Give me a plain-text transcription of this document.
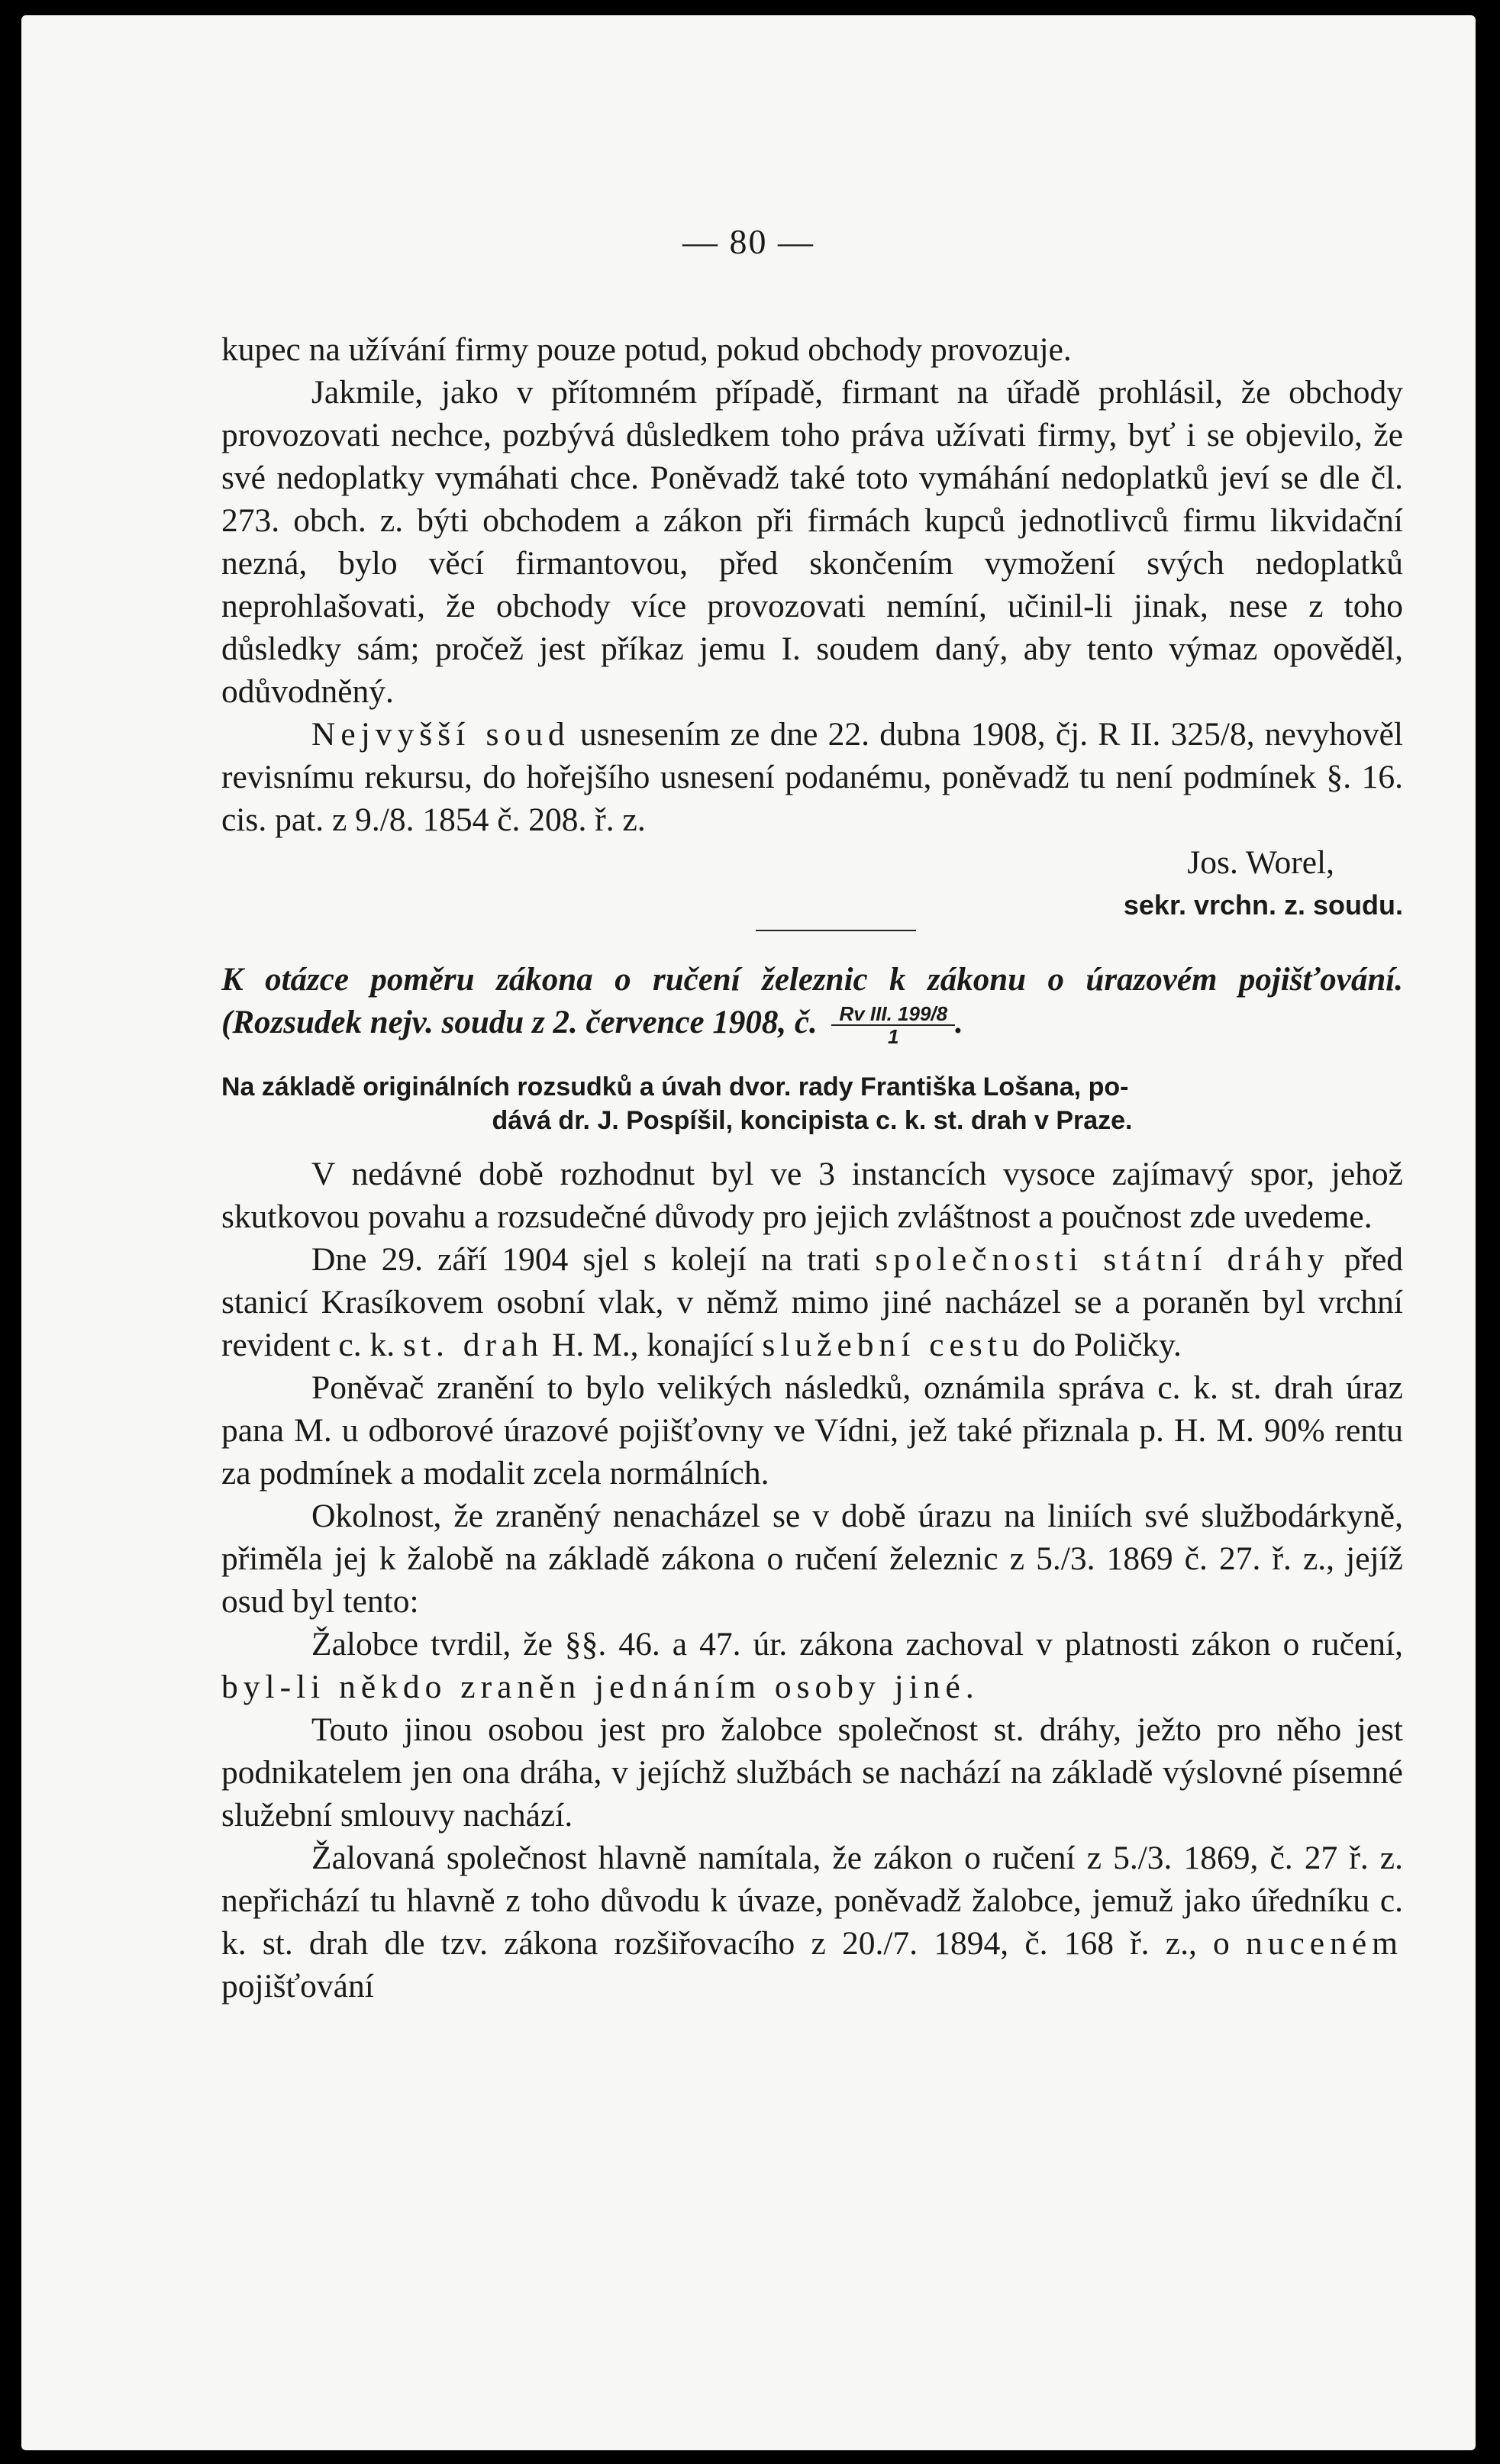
— 80 —

kupec na užívání firmy pouze potud, pokud obchody provozuje.

Jakmile, jako v přítomném případě, firmant na úřadě prohlásil, že obchody provozovati nechce, pozbývá důsledkem toho práva užívati firmy, byť i se objevilo, že své nedoplatky vymáhati chce. Poněvadž také toto vymáhání nedoplatků jeví se dle čl. 273. obch. z. býti obchodem a zákon při firmách kupců jednotlivců firmu likvidační nezná, bylo věcí firmantovou, před skončením vymožení svých nedoplatků neprohlašovati, že obchody více provozovati nemíní, učinil-li jinak, nese z toho důsledky sám; pročež jest příkaz jemu I. soudem daný, aby tento výmaz opověděl, odůvodněný.

Nejvyšší soud usnesením ze dne 22. dubna 1908, čj. R II. 325/8, nevyhověl revisnímu rekursu, do hořejšího usnesení podanému, poněvadž tu není podmínek §. 16. cis. pat. z 9./8. 1854 č. 208. ř. z.

Jos. Worel,
sekr. vrchn. z. soudu.
K otázce poměru zákona o ručení železnic k zákonu o úrazovém pojišťování. (Rozsudek nejv. soudu z 2. července 1908, č. $\frac{\text{Rv III. 199/8}}{1}$ .
Na základě originálních rozsudků a úvah dvor. rady Františka Lošana, po-
dává dr. J. Pospíšil, koncipista c. k. st. drah v Praze.

V nedávné době rozhodnut byl ve 3 instancích vysoce zajímavý spor, jehož skutkovou povahu a rozsudečné důvody pro jejich zvláštnost a poučnost zde uvedeme.

Dne 29. září 1904 sjel s kolejí na trati společnosti státní dráhy před stanicí Krasíkovem osobní vlak, v němž mimo jiné nacházel se a poraněn byl vrchní revident c. k. st. drah H. M., konající služební cestu do Poličky.

Poněvač zranění to bylo velikých následků, oznámila správa c. k. st. drah úraz pana M. u odborové úrazové pojišťovny ve Vídni, jež také přiznala p. H. M. 90% rentu za podmínek a modalit zcela normálních.

Okolnost, že zraněný nenacházel se v době úrazu na liniích své službodárkyně, přiměla jej k žalobě na základě zákona o ručení železnic z 5./3. 1869 č. 27. ř. z., jejíž osud byl tento:

Žalobce tvrdil, že §§. 46. a 47. úr. zákona zachoval v platnosti zákon o ručení, byl-li někdo zraněn jednáním osoby jiné.

Touto jinou osobou jest pro žalobce společnost st. dráhy, ježto pro něho jest podnikatelem jen ona dráha, v jejíchž službách se nachází na základě výslovné písemné služební smlouvy nachází.

Žalovaná společnost hlavně namítala, že zákon o ručení z 5./3. 1869, č. 27 ř. z. nepřichází tu hlavně z toho důvodu k úvaze, poněvadž žalobce, jemuž jako úředníku c. k. st. drah dle tzv. zákona rozšiřovacího z 20./7. 1894, č. 168 ř. z., o nuceném pojišťování
